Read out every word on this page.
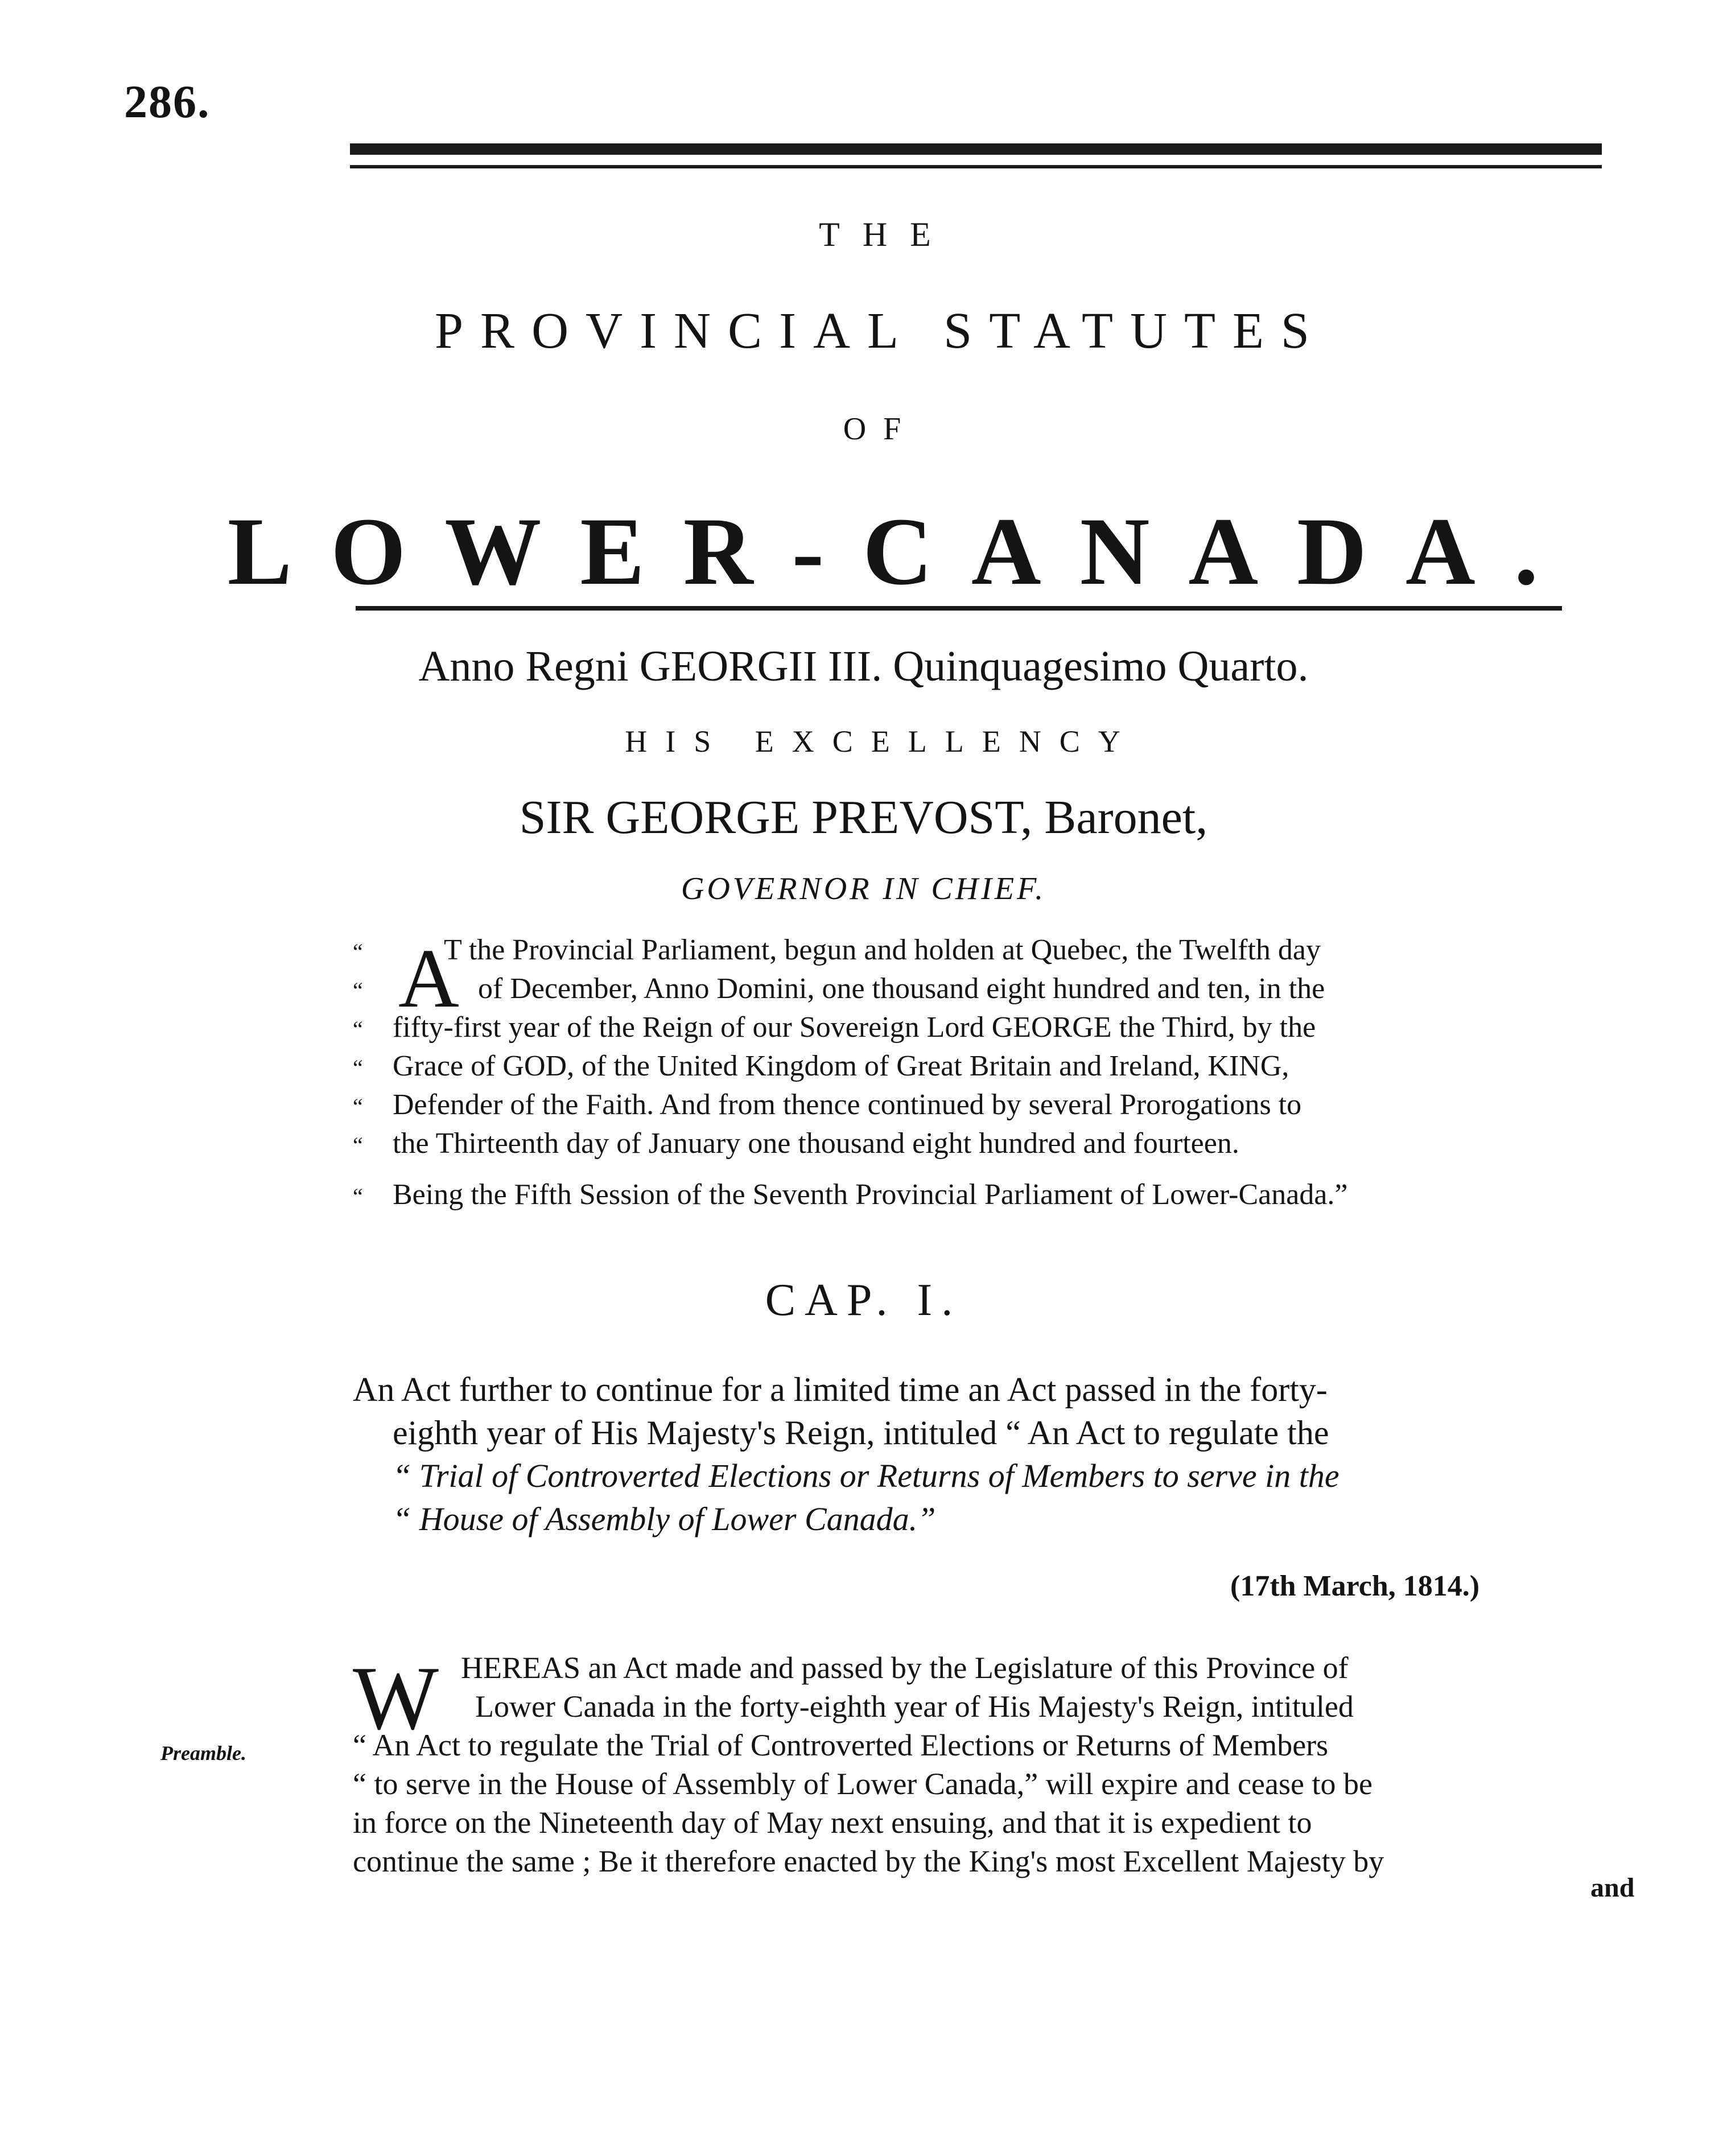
286.
THE
PROVINCIAL STATUTES
OF
LOWER-CANADA.
Anno Regni GEORGII III. Quinquagesimo Quarto.
HIS EXCELLENCY
SIR GEORGE PREVOST, Baronet,
GOVERNOR IN CHIEF.
“	T the Provincial Parliament, begun and holden at Quebec, the Twelfth day
A
“	of December, Anno Domini, one thousand eight hundred and ten, in the
“ fifty-first year of the Reign of our Sovereign Lord GEORGE the Third, by the
“ Grace of GOD, of the United Kingdom of Great Britain and Ireland, KING,
“ Defender of the Faith. And from thence continued by several Prorogations to
“ the Thirteenth day of January one thousand eight hundred and fourteen.
“ Being the Fifth Session of the Seventh Provincial Parliament of Lower-Canada.”
CAP. I.
An Act further to continue for a limited time an Act passed in the forty-
eighth year of His Majesty's Reign, intituled “ An Act to regulate the
“ Trial of Controverted Elections or Returns of Members to serve in the
“ House of Assembly of Lower Canada.”
(17th March, 1814.)
Preamble.
W HEREAS an Act made and passed by the Legislature of this Province of
Lower Canada in the forty-eighth year of His Majesty's Reign, intituled
“ An Act to regulate the Trial of Controverted Elections or Returns of Members
“ to serve in the House of Assembly of Lower Canada,” will expire and cease to be
in force on the Nineteenth day of May next ensuing, and that it is expedient to
continue the same ; Be it therefore enacted by the King's most Excellent Majesty by
and
